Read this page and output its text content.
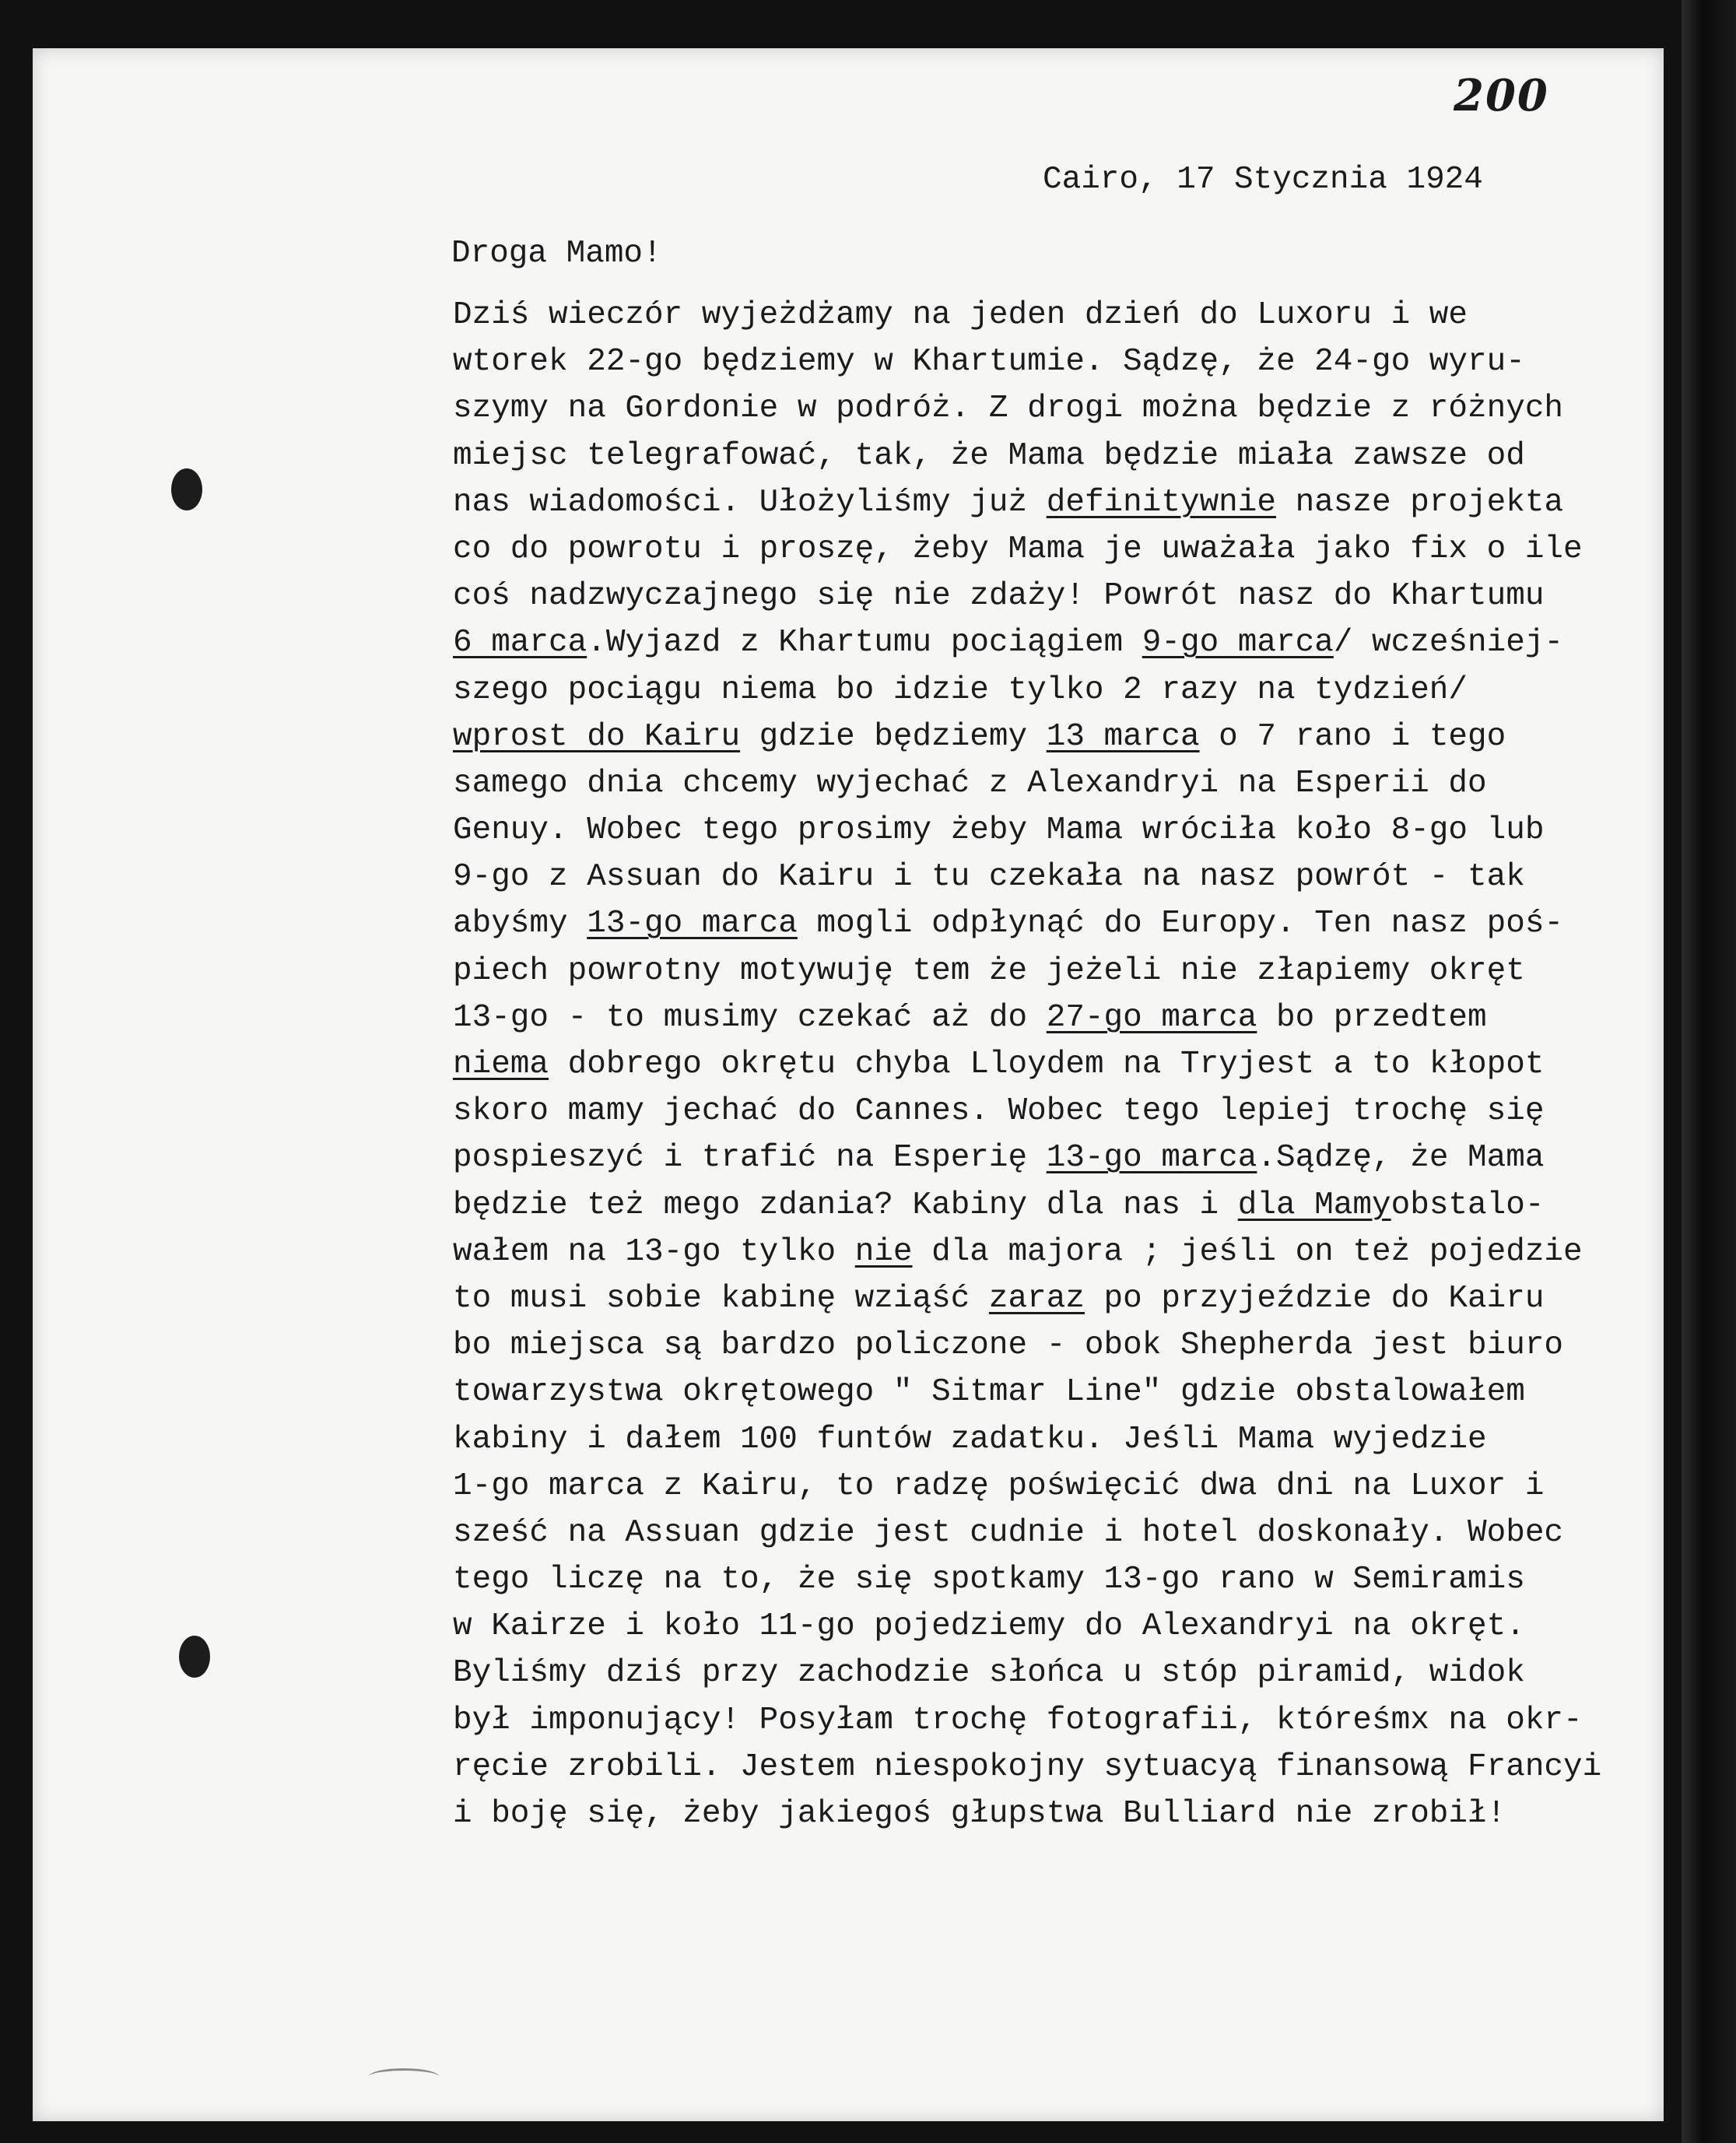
200
Cairo, 17 Stycznia 1924
Droga Mamo!
Dziś wieczór wyjeżdżamy na jeden dzień do Luxoru i we
wtorek 22-go będziemy w Khartumie. Sądzę, że 24-go wyru-
szymy na Gordonie w podróż. Z drogi można będzie z różnych
miejsc telegrafować, tak, że Mama będzie miała zawsze od
nas wiadomości. Ułożyliśmy już definitywnie nasze projekta
co do powrotu i proszę, żeby Mama je uważała jako fix o ile
coś nadzwyczajnego się nie zdaży! Powrót nasz do Khartumu
6 marca.Wyjazd z Khartumu pociągiem 9-go marca/ wcześniej-
szego pociągu niema bo idzie tylko 2 razy na tydzień/
wprost do Kairu gdzie będziemy 13 marca o 7 rano i tego
samego dnia chcemy wyjechać z Alexandryi na Esperii do
Genuy. Wobec tego prosimy żeby Mama wróciła koło 8-go lub
9-go z Assuan do Kairu i tu czekała na nasz powrót - tak
abyśmy 13-go marca mogli odpłynąć do Europy. Ten nasz poś-
piech powrotny motywuję tem że jeżeli nie złapiemy okręt
13-go - to musimy czekać aż do 27-go marca bo przedtem
niema dobrego okrętu chyba Lloydem na Tryjest a to kłopot
skoro mamy jechać do Cannes. Wobec tego lepiej trochę się
pospieszyć i trafić na Esperię 13-go marca.Sądzę, że Mama
będzie też mego zdania? Kabiny dla nas i dla Mamyobstalo-
wałem na 13-go tylko nie dla majora ; jeśli on też pojedzie
to musi sobie kabinę wziąść zaraz po przyjeździe do Kairu
bo miejsca są bardzo policzone - obok Shepherda jest biuro
towarzystwa okrętowego " Sitmar Line" gdzie obstalowałem
kabiny i dałem 100 funtów zadatku. Jeśli Mama wyjedzie
1-go marca z Kairu, to radzę poświęcić dwa dni na Luxor i
sześć na Assuan gdzie jest cudnie i hotel doskonały. Wobec
tego liczę na to, że się spotkamy 13-go rano w Semiramis
w Kairze i koło 11-go pojedziemy do Alexandryi na okręt.
Byliśmy dziś przy zachodzie słońca u stóp piramid, widok
był imponujący! Posyłam trochę fotografii, któreśmx na okr-
ręcie zrobili. Jestem niespokojny sytuacyą finansową Francyi
i boję się, żeby jakiegoś głupstwa Bulliard nie zrobił!
